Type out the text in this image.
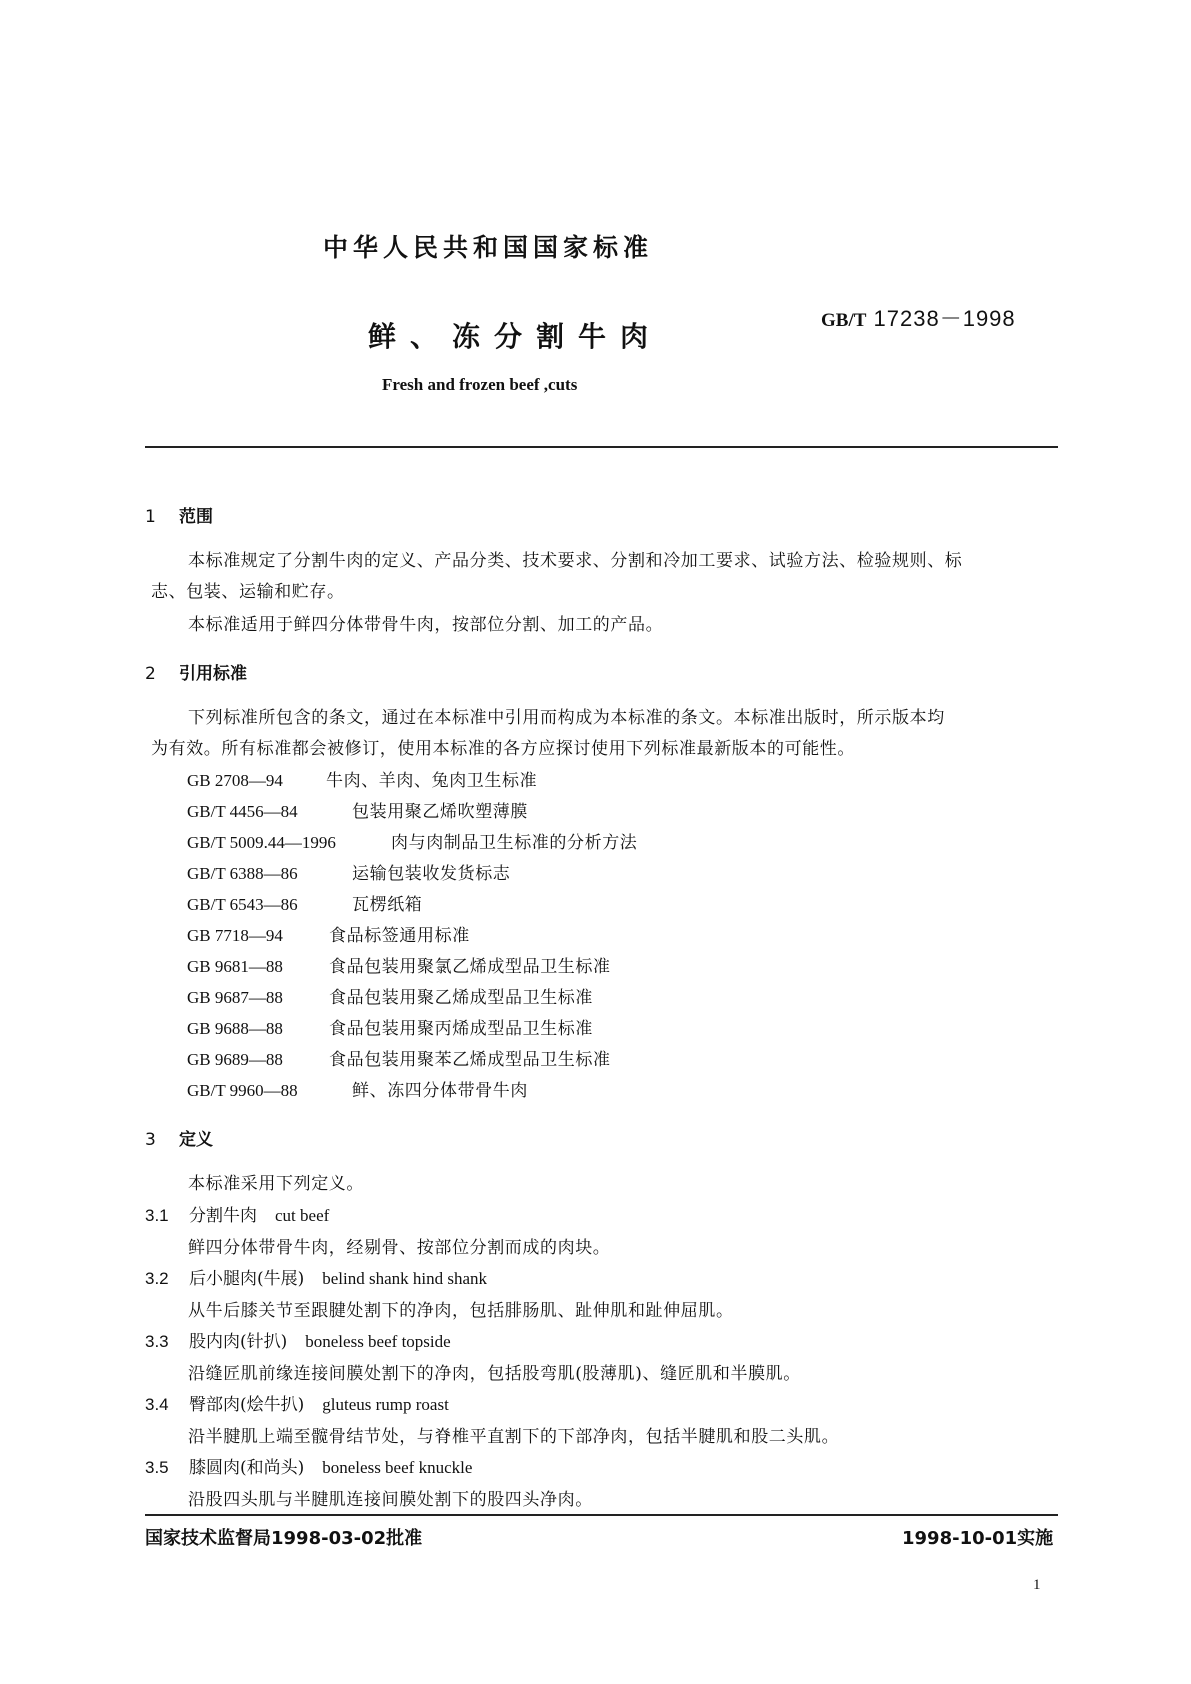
中华人民共和国国家标准
GB/T 17238－1998
鲜、冻分割牛肉
Fresh and frozen beef ,cuts
1 范围
本标准规定了分割牛肉的定义、产品分类、技术要求、分割和冷加工要求、试验方法、检验规则、标
志、包装、运输和贮存。
本标准适用于鲜四分体带骨牛肉，按部位分割、加工的产品。
2 引用标准
下列标准所包含的条文，通过在本标准中引用而构成为本标准的条文。本标准出版时，所示版本均
为有效。所有标准都会被修订，使用本标准的各方应探讨使用下列标准最新版本的可能性。
GB 2708—94	牛肉、羊肉、兔肉卫生标准
GB/T 4456—84	包装用聚乙烯吹塑薄膜
GB/T 5009.44—1996	肉与肉制品卫生标准的分析方法
GB/T 6388—86	运输包装收发货标志
GB/T 6543—86	瓦楞纸箱
GB 7718—94	食品标签通用标准
GB 9681—88	食品包装用聚氯乙烯成型品卫生标准
GB 9687—88	食品包装用聚乙烯成型品卫生标准
GB 9688—88	食品包装用聚丙烯成型品卫生标准
GB 9689—88	食品包装用聚苯乙烯成型品卫生标准
GB/T 9960—88	鲜、冻四分体带骨牛肉
3 定义
本标准采用下列定义。
3.1 分割牛肉 cut beef
鲜四分体带骨牛肉，经剔骨、按部位分割而成的肉块。
3.2 后小腿肉(牛展) belind shank hind shank
从牛后膝关节至跟腱处割下的净肉，包括腓肠肌、趾伸肌和趾伸屈肌。
3.3 股内肉(针扒) boneless beef topside
沿缝匠肌前缘连接间膜处割下的净肉，包括股弯肌(股薄肌)、缝匠肌和半膜肌。
3.4 臀部肉(烩牛扒) gluteus rump roast
沿半腱肌上端至髋骨结节处，与脊椎平直割下的下部净肉，包括半腱肌和股二头肌。
3.5 膝圆肉(和尚头) boneless beef knuckle
沿股四头肌与半腱肌连接间膜处割下的股四头净肉。
国家技术监督局1998-03-02批准	1998-10-01实施
1
